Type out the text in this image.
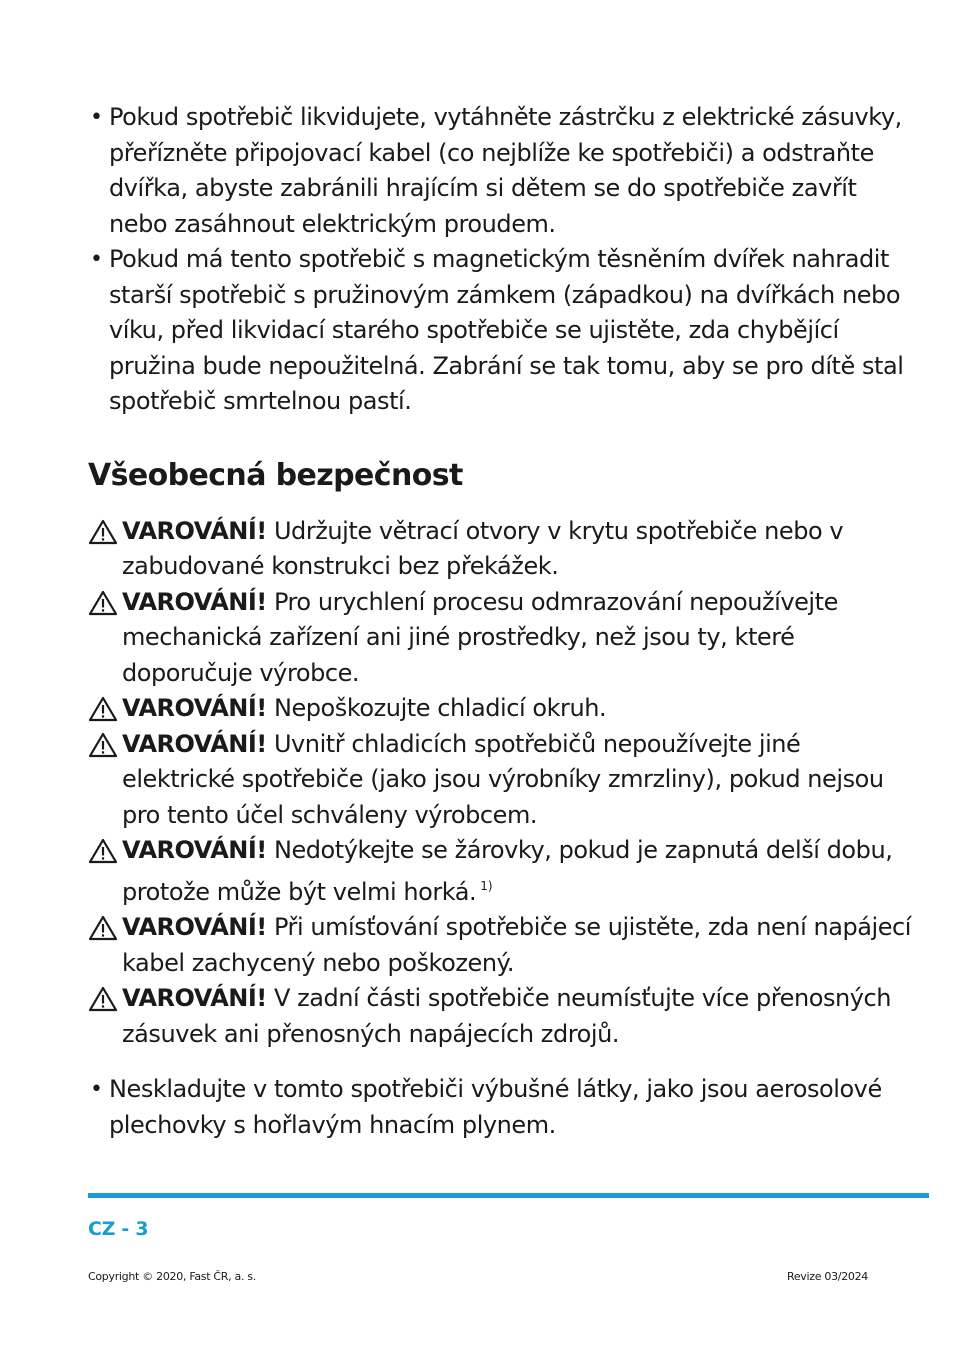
• Pokud spotřebič likvidujete, vytáhněte zástrčku z elektrické zásuvky, přeřízněte připojovací kabel (co nejblíže ke spotřebiči) a odstraňte dvířka, abyste zabránili hrajícím si dětem se do spotřebiče zavřít nebo zasáhnout elektrickým proudem.

• Pokud má tento spotřebič s magnetickým těsněním dvířek nahradit starší spotřebič s pružinovým zámkem (západkou) na dvířkách nebo víku, před likvidací starého spotřebiče se ujistěte, zda chybějící pružina bude nepoužitelná. Zabrání se tak tomu, aby se pro dítě stal spotřebič smrtelnou pastí.

Všeobecná bezpečnost

VAROVÁNÍ! Udržujte větrací otvory v krytu spotřebiče nebo v zabudované konstrukci bez překážek.

VAROVÁNÍ! Pro urychlení procesu odmrazování nepoužívejte mechanická zařízení ani jiné prostředky, než jsou ty, které doporučuje výrobce.

VAROVÁNÍ! Nepoškozujte chladicí okruh.

VAROVÁNÍ! Uvnitř chladicích spotřebičů nepoužívejte jiné elektrické spotřebiče (jako jsou výrobníky zmrzliny), pokud nejsou pro tento účel schváleny výrobcem.

VAROVÁNÍ! Nedotýkejte se žárovky, pokud je zapnutá delší dobu, protože může být velmi horká. $^{1)}$

VAROVÁNÍ! Při umísťování spotřebiče se ujistěte, zda není napájecí kabel zachycený nebo poškozený.

VAROVÁNÍ! V zadní části spotřebiče neumísťujte více přenosných zásuvek ani přenosných napájecích zdrojů.

• Neskladujte v tomto spotřebiči výbušné látky, jako jsou aerosolové plechovky s hořlavým hnacím plynem.

CZ - 3
Copyright © 2020, Fast ČR, a. s.	Revize 03/2024
